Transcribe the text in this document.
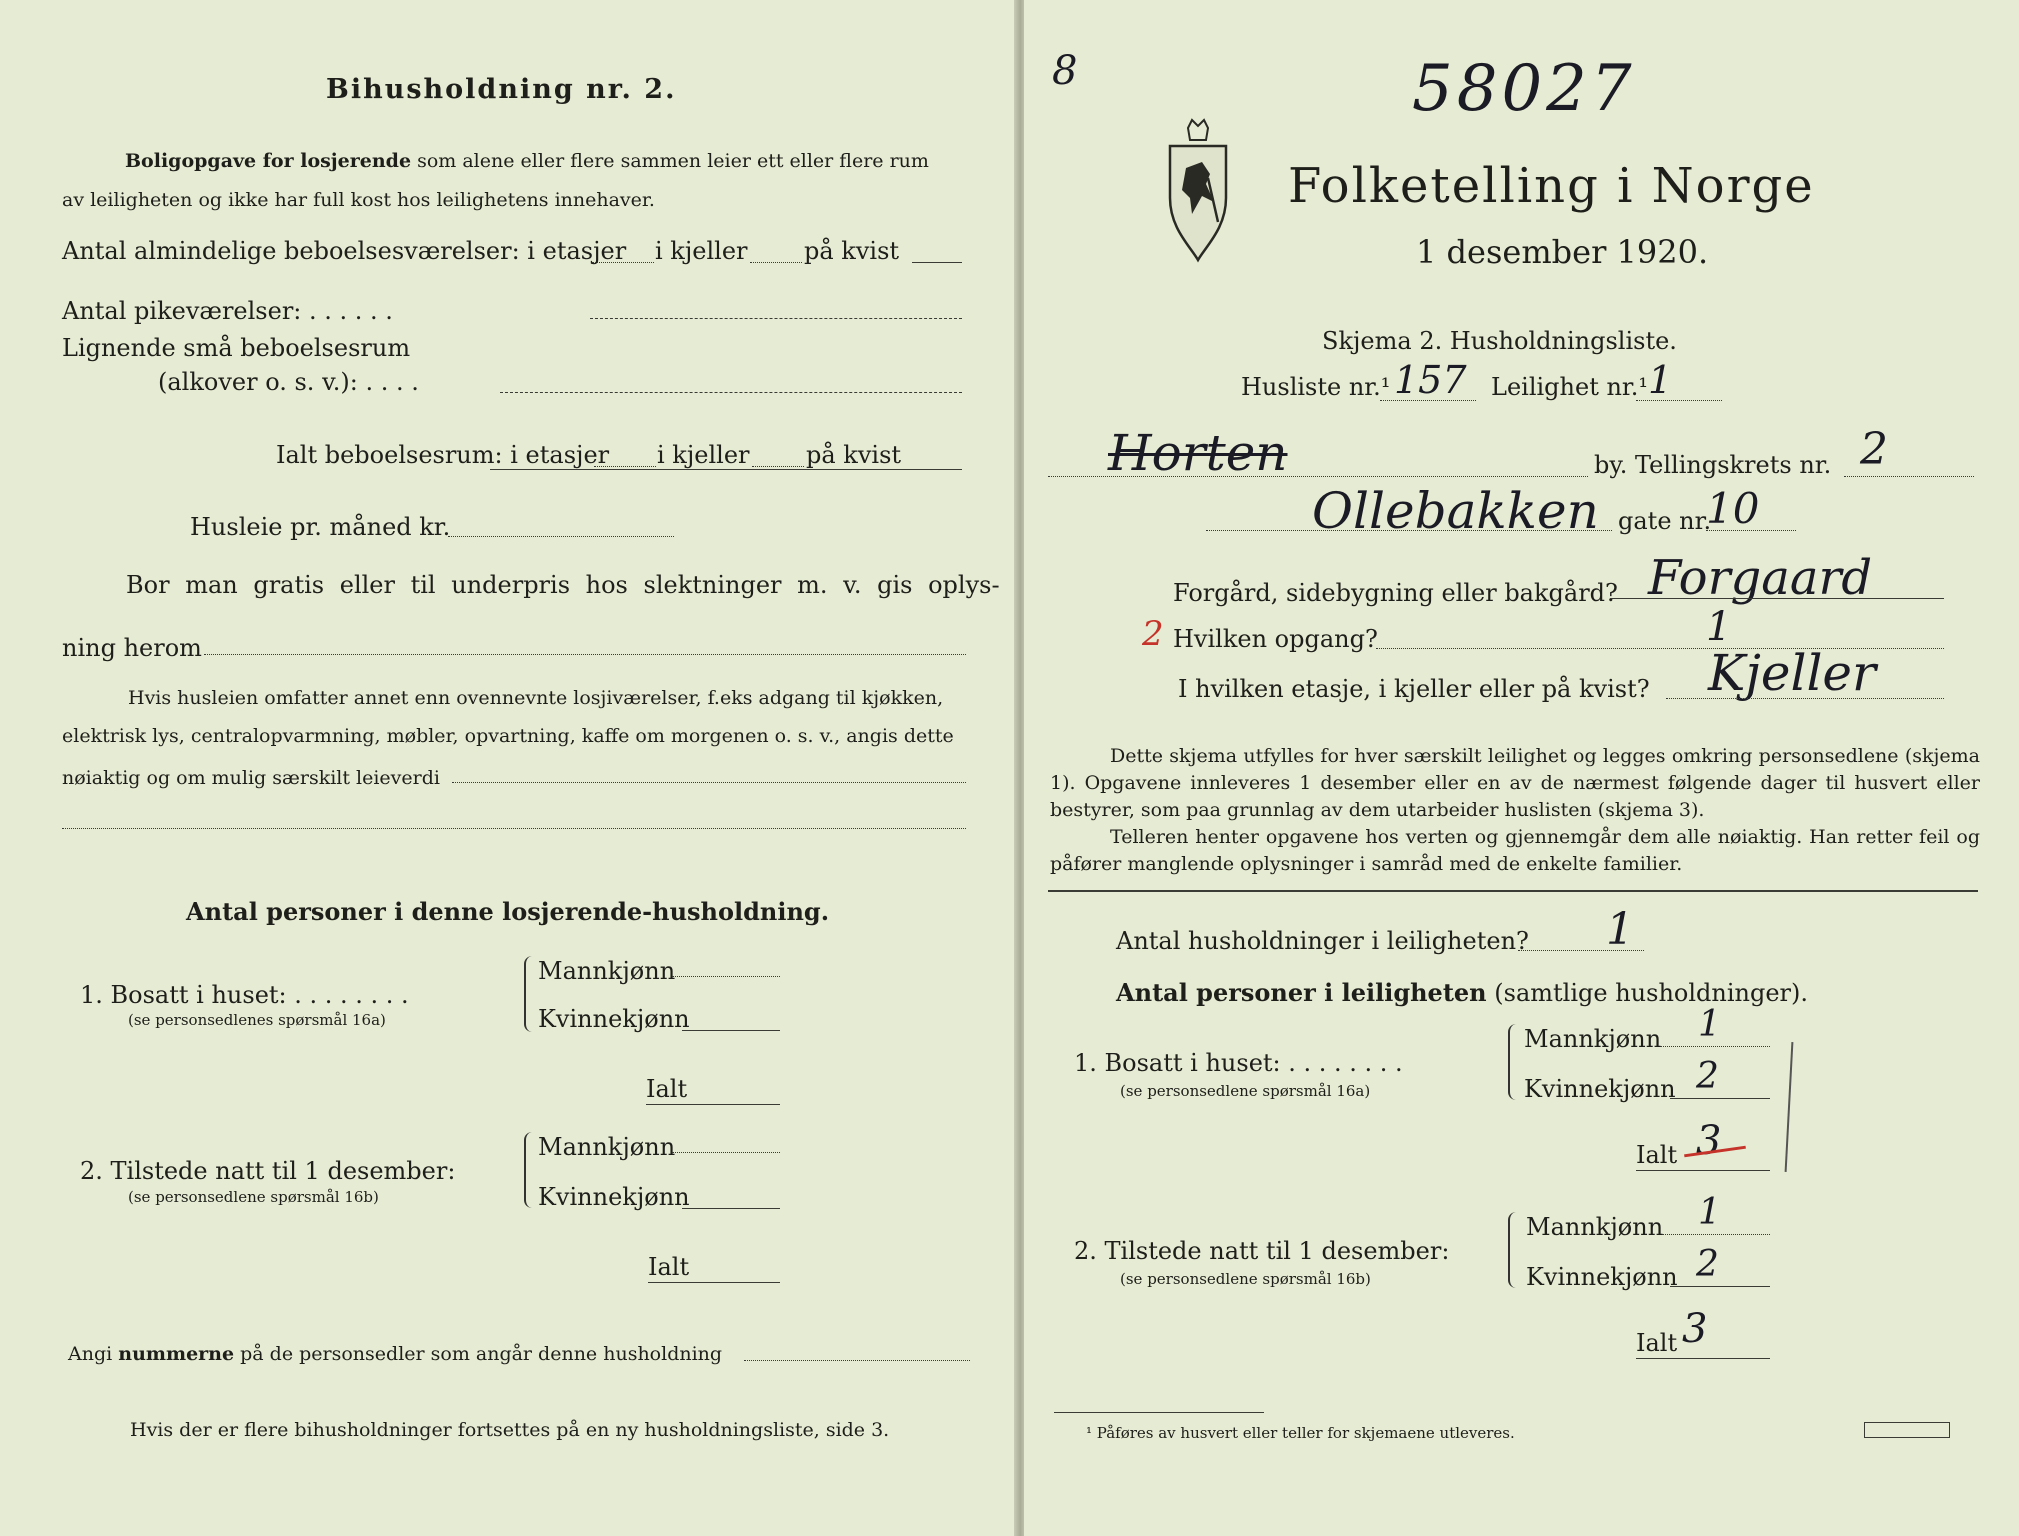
Bihusholdning nr. 2.
Boligopgave for losjerende som alene eller flere sammen leier ett eller flere rum
av leiligheten og ikke har full kost hos leilighetens innehaver.
Antal almindelige beboelsesværelser: i etasjer i kjeller på kvist
Antal pikeværelser: . . . . . .
Lignende små beboelsesrum
(alkover o. s. v.): . . . .
Ialt beboelsesrum: i etasjer i kjeller på kvist
Husleie pr. måned kr.
Bor man gratis eller til underpris hos slektninger m. v. gis oplys-
ning herom
Hvis husleien omfatter annet enn ovennevnte losjiværelser, f.eks adgang til kjøkken,
elektrisk lys, centralopvarmning, møbler, opvartning, kaffe om morgenen o. s. v., angis dette
nøiaktig og om mulig særskilt leieverdi
Antal personer i denne losjerende-husholdning.
1. Bosatt i huset: . . . . . . . .
(se personsedlenes spørsmål 16a)
Mannkjønn
Kvinnekjønn
Ialt
2. Tilstede natt til 1 desember:
(se personsedlene spørsmål 16b)
Mannkjønn
Kvinnekjønn
Ialt
Angi nummerne på de personsedler som angår denne husholdning
Hvis der er flere bihusholdninger fortsettes på en ny husholdningsliste, side 3.
8	58027
Folketelling i Norge
1 desember 1920.
Skjema 2. Husholdningsliste.
Husliste nr.¹ 157 Leilighet nr.¹ 1
Horten	by. Tellingskrets nr. 2
Ollebakken gate nr.
10
Forgård, sidebygning eller bakgård? Forgaard
2 Hvilken opgang?	1
I hvilken etasje, i kjeller eller på kvist? Kjeller
Dette skjema utfylles for hver særskilt leilighet og legges omkring personsedlene (skjema 1). Opgavene innleveres 1 desember eller en av de nærmest følgende dager til husvert eller bestyrer, som paa grunnlag av dem utarbeider huslisten (skjema 3).
Telleren henter opgavene hos verten og gjennemgår dem alle nøiaktig. Han retter feil og påfører manglende oplysninger i samråd med de enkelte familier.
Antal husholdninger i leiligheten? 1
Antal personer i leiligheten (samtlige husholdninger).
1. Bosatt i huset: . . . . . . . .
(se personsedlene spørsmål 16a)
Mannkjønn 1
Kvinnekjønn 2
Ialt 3
2. Tilstede natt til 1 desember:
(se personsedlene spørsmål 16b)
Mannkjønn 1
Kvinnekjønn 2
Ialt 3
¹ Påføres av husvert eller teller for skjemaene utleveres.
